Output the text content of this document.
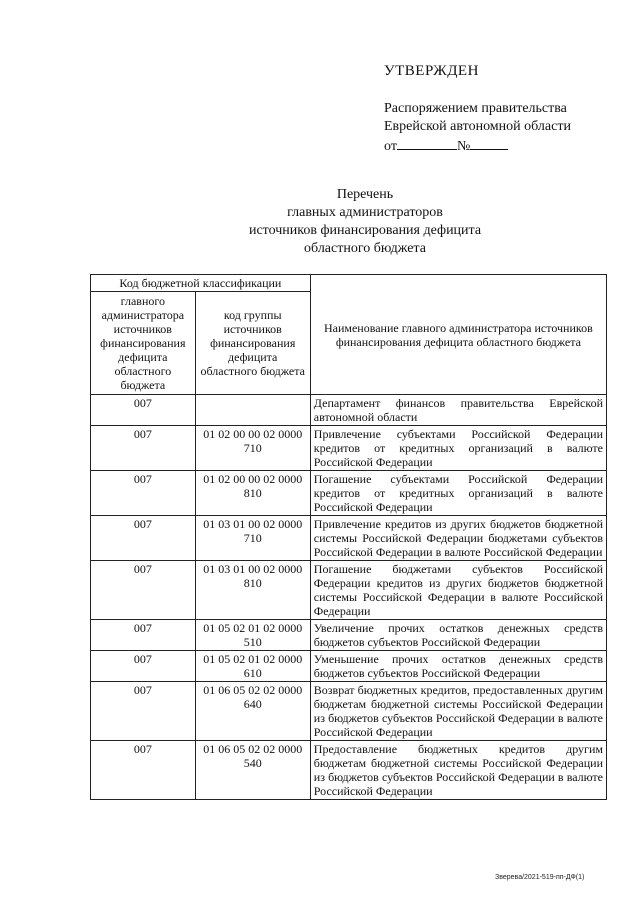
УТВЕРЖДЕН
Распоряжением правительства
Еврейской автономной области
от	№
Перечень
главных администраторов
источников финансирования дефицита
областного бюджета
Код бюджетной классификации		Наименование главного администратора источников финансирования дефицита областного бюджета
главного администратора источников финансирования дефицита областного бюджета	код группы источников финансирования дефицита областного бюджета	
007		Департамент финансов правительства Еврейской автономной области
007	01 02 00 00 02 0000 710	Привлечение субъектами Российской Федерации кредитов от кредитных организаций в валюте Российской Федерации
007	01 02 00 00 02 0000 810	Погашение субъектами Российской Федерации кредитов от кредитных организаций в валюте Российской Федерации
007	01 03 01 00 02 0000 710	Привлечение кредитов из других бюджетов бюджетной системы Российской Федерации бюджетами субъектов Российской Федерации в валюте Российской Федерации
007	01 03 01 00 02 0000 810	Погашение бюджетами субъектов Российской Федерации кредитов из других бюджетов бюджетной системы Российской Федерации в валюте Российской Федерации
007	01 05 02 01 02 0000 510	Увеличение прочих остатков денежных средств бюджетов субъектов Российской Федерации
007	01 05 02 01 02 0000 610	Уменьшение прочих остатков денежных средств бюджетов субъектов Российской Федерации
007	01 06 05 02 02 0000 640	Возврат бюджетных кредитов, предоставленных другим бюджетам бюджетной системы Российской Федерации из бюджетов субъектов Российской Федерации в валюте Российской Федерации
007	01 06 05 02 02 0000 540	Предоставление бюджетных кредитов другим бюджетам бюджетной системы Российской Федерации из бюджетов субъектов Российской Федерации в валюте Российской Федерации
Зверева/2021-519-пп-ДФ(1)
